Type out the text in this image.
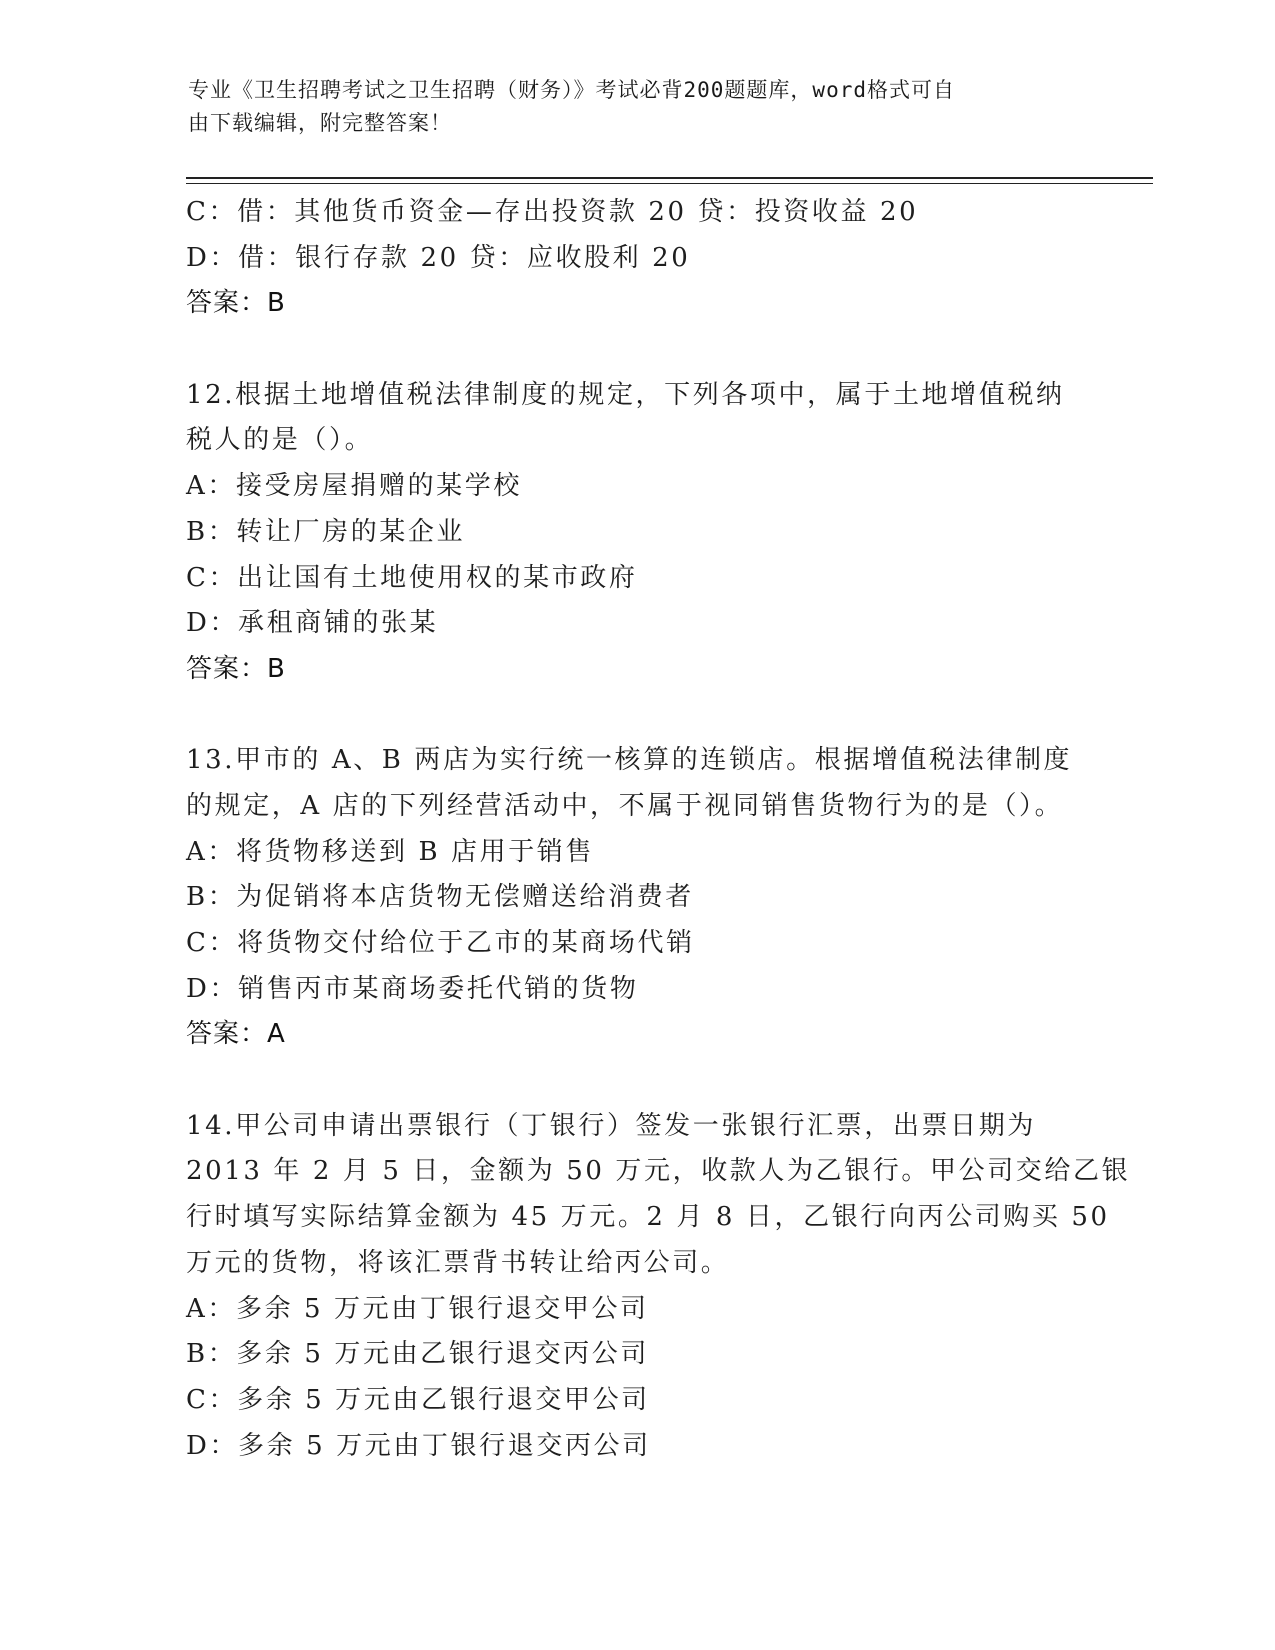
专业《卫生招聘考试之卫生招聘（财务）》考试必背200题题库，word格式可自
由下载编辑，附完整答案！
C：借：其他货币资金—存出投资款 20 贷：投资收益 20
D：借：银行存款 20 贷：应收股利 20
答案：B
12.根据土地增值税法律制度的规定，下列各项中，属于土地增值税纳
税人的是（）。
A：接受房屋捐赠的某学校
B：转让厂房的某企业
C：出让国有土地使用权的某市政府
D：承租商铺的张某
答案：B
13.甲市的 A、B 两店为实行统一核算的连锁店。根据增值税法律制度
的规定，A 店的下列经营活动中，不属于视同销售货物行为的是（）。
A：将货物移送到 B 店用于销售
B：为促销将本店货物无偿赠送给消费者
C：将货物交付给位于乙市的某商场代销
D：销售丙市某商场委托代销的货物
答案：A
14.甲公司申请出票银行（丁银行）签发一张银行汇票，出票日期为
2013 年 2 月 5 日，金额为 50 万元，收款人为乙银行。甲公司交给乙银
行时填写实际结算金额为 45 万元。2 月 8 日，乙银行向丙公司购买 50
万元的货物，将该汇票背书转让给丙公司。
A：多余 5 万元由丁银行退交甲公司
B：多余 5 万元由乙银行退交丙公司
C：多余 5 万元由乙银行退交甲公司
D：多余 5 万元由丁银行退交丙公司
